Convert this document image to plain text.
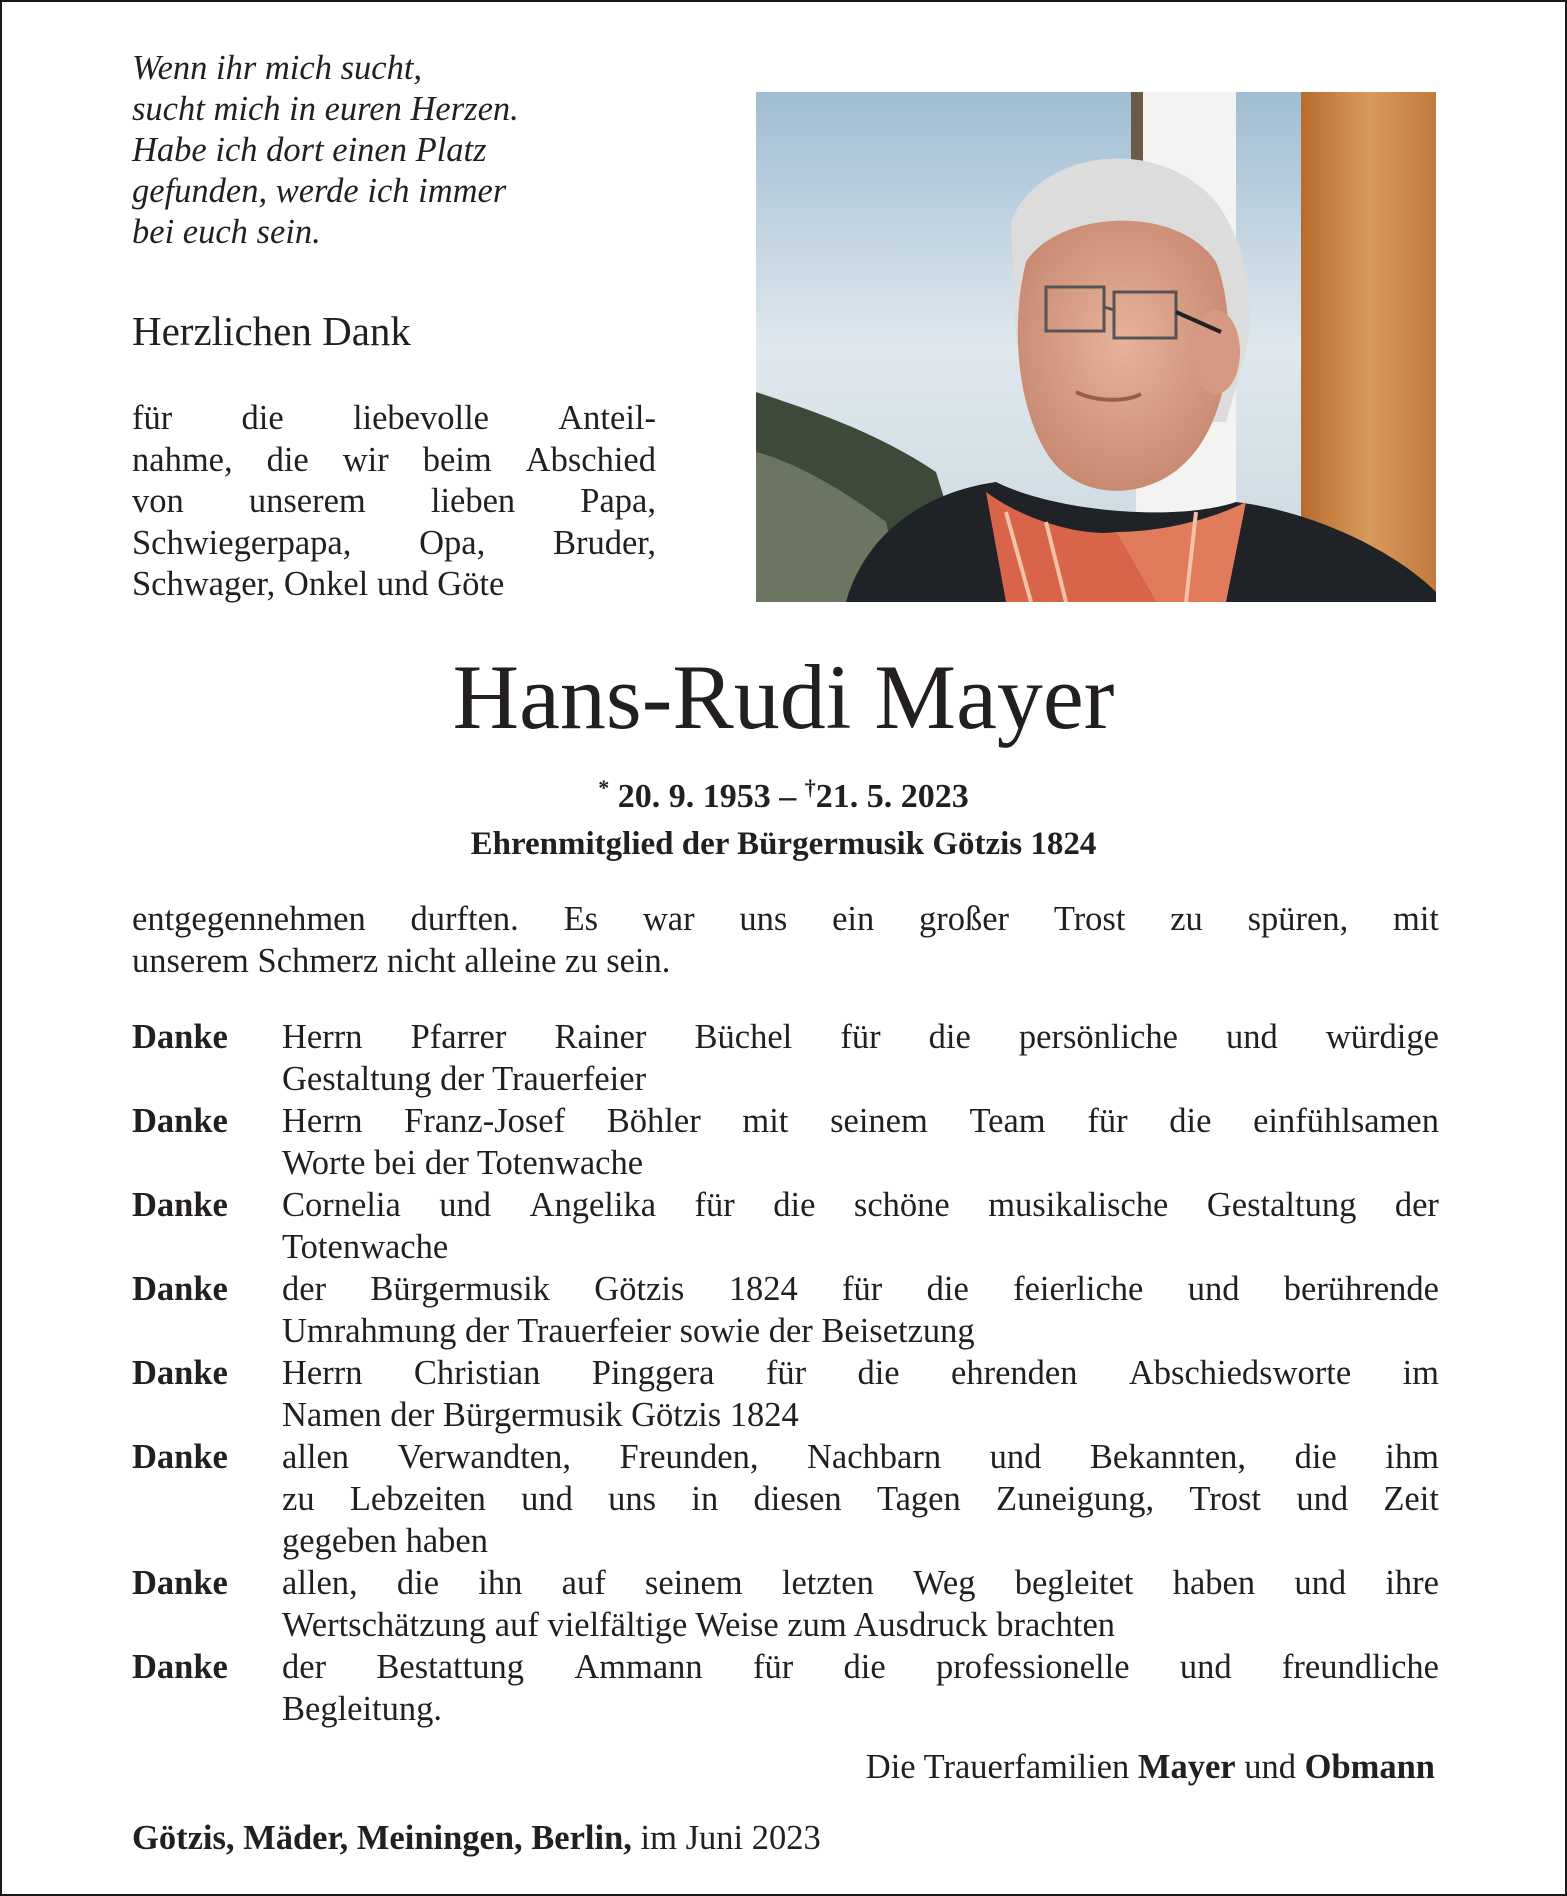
Wenn ihr mich sucht,
sucht mich in euren Herzen.
Habe ich dort einen Platz
gefunden, werde ich immer
bei euch sein.
Herzlichen Dank
für die liebevolle Anteil-
nahme, die wir beim Abschied
von unserem lieben Papa,
Schwiegerpapa, Opa, Bruder,
Schwager, Onkel und Göte
Hans-Rudi Mayer
* 20. 9. 1953 – †21. 5. 2023
Ehrenmitglied der Bürgermusik Götzis 1824
entgegennehmen durften. Es war uns ein großer Trost zu spüren, mit
unserem Schmerz nicht alleine zu sein.
Danke	Herrn Pfarrer Rainer Büchel für die persönliche und würdige
Gestaltung der Trauerfeier
Danke	Herrn Franz-Josef Böhler mit seinem Team für die einfühlsamen
Worte bei der Totenwache
Danke	Cornelia und Angelika für die schöne musikalische Gestaltung der
Totenwache
Danke	der Bürgermusik Götzis 1824 für die feierliche und berührende
Umrahmung der Trauerfeier sowie der Beisetzung
Danke	Herrn Christian Pinggera für die ehrenden Abschiedsworte im
Namen der Bürgermusik Götzis 1824
Danke	allen Verwandten, Freunden, Nachbarn und Bekannten, die ihm
zu Lebzeiten und uns in diesen Tagen Zuneigung, Trost und Zeit
gegeben haben
Danke	allen, die ihn auf seinem letzten Weg begleitet haben und ihre
Wertschätzung auf vielfältige Weise zum Ausdruck brachten
Danke	der Bestattung Ammann für die professionelle und freundliche
Begleitung.
Die Trauerfamilien Mayer und Obmann
Götzis, Mäder, Meiningen, Berlin, im Juni 2023
